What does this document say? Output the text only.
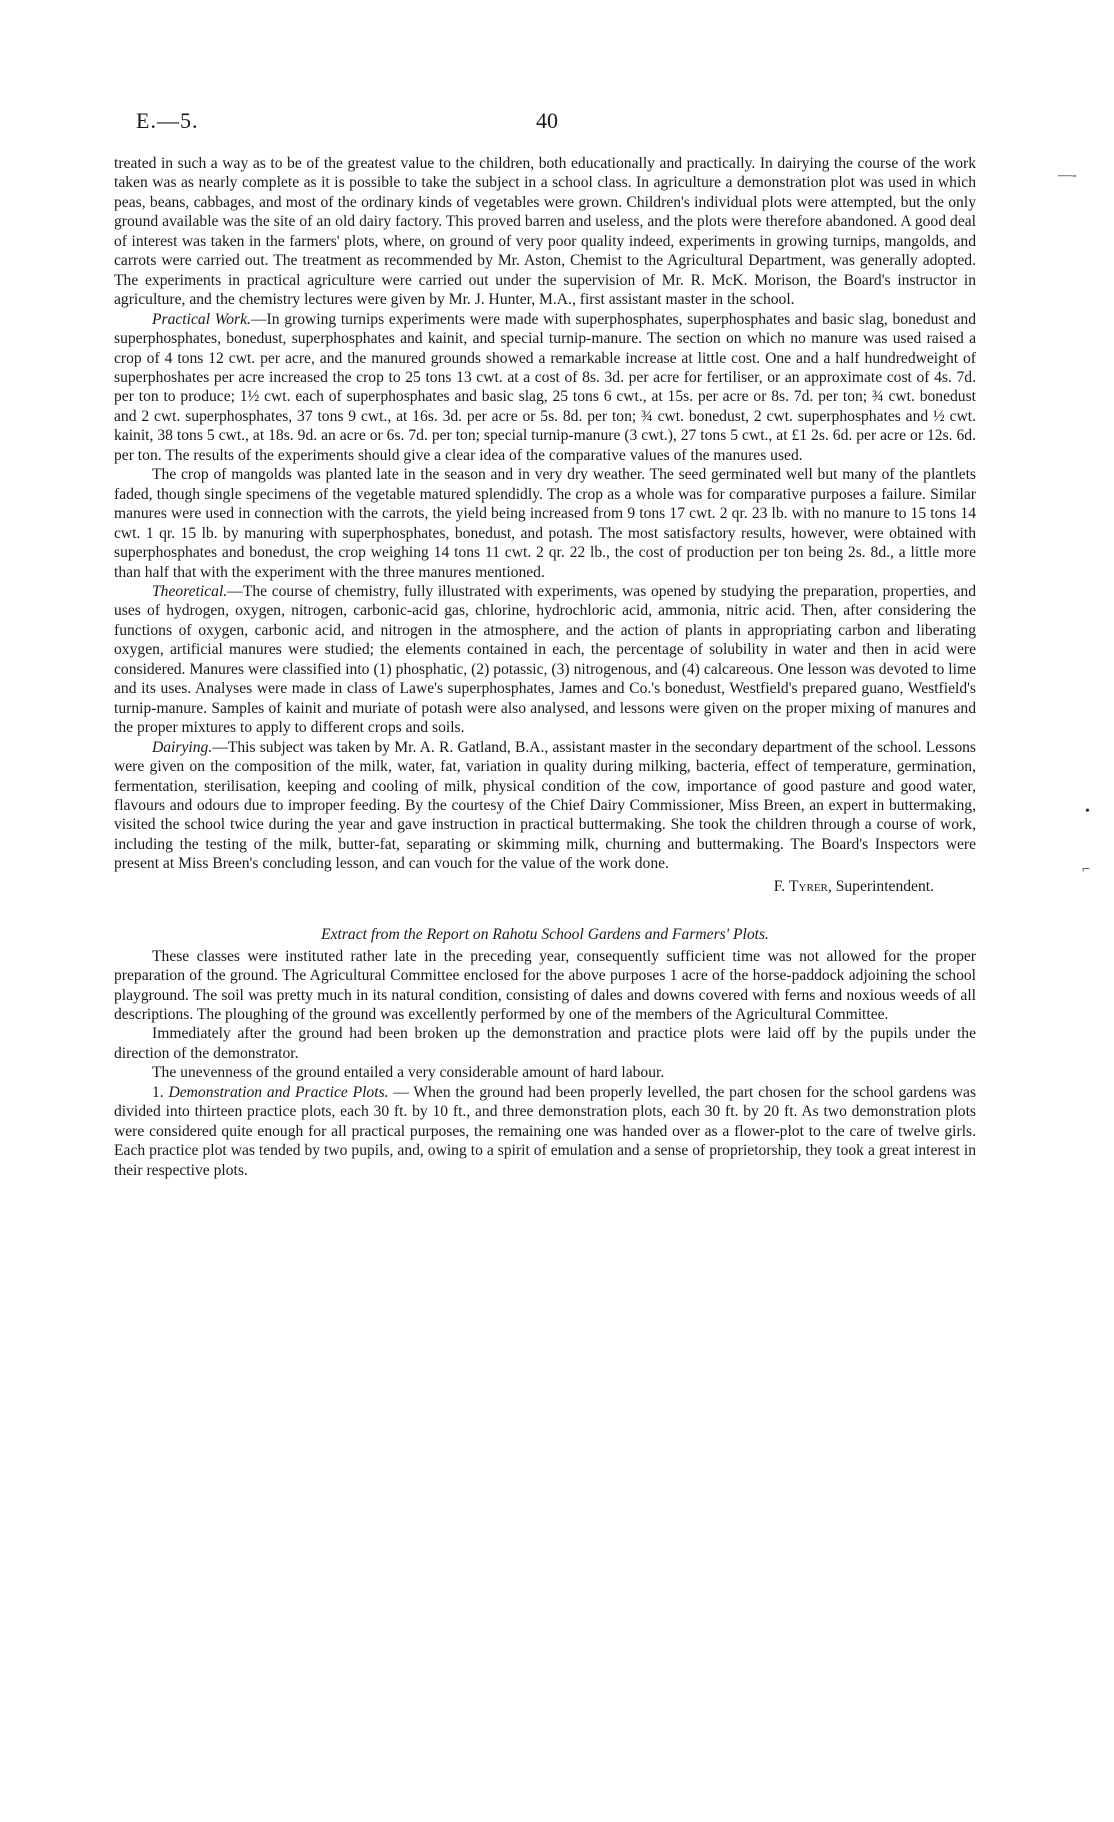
E.—5.	40
—‐
•
⌐

treated in such a way as to be of the greatest value to the children, both educationally and practically. In dairying the course of the work taken was as nearly complete as it is possible to take the subject in a school class. In agriculture a demonstration plot was used in which peas, beans, cabbages, and most of the ordinary kinds of vegetables were grown. Children's individual plots were attempted, but the only ground available was the site of an old dairy factory. This proved barren and useless, and the plots were therefore abandoned. A good deal of interest was taken in the farmers' plots, where, on ground of very poor quality indeed, experiments in growing turnips, mangolds, and carrots were carried out. The treatment as recommended by Mr. Aston, Chemist to the Agricultural Department, was generally adopted. The experiments in practical agriculture were carried out under the supervision of Mr. R. McK. Morison, the Board's instructor in agriculture, and the chemistry lectures were given by Mr. J. Hunter, M.A., first assistant master in the school.

Practical Work.—In growing turnips experiments were made with superphosphates, superphosphates and basic slag, bonedust and superphosphates, bonedust, superphosphates and kainit, and special turnip-manure. The section on which no manure was used raised a crop of 4 tons 12 cwt. per acre, and the manured grounds showed a remarkable increase at little cost. One and a half hundredweight of superphoshates per acre increased the crop to 25 tons 13 cwt. at a cost of 8s. 3d. per acre for fertiliser, or an approximate cost of 4s. 7d. per ton to produce; 1½ cwt. each of superphosphates and basic slag, 25 tons 6 cwt., at 15s. per acre or 8s. 7d. per ton; ¾ cwt. bonedust and 2 cwt. superphosphates, 37 tons 9 cwt., at 16s. 3d. per acre or 5s. 8d. per ton; ¾ cwt. bonedust, 2 cwt. superphosphates and ½ cwt. kainit, 38 tons 5 cwt., at 18s. 9d. an acre or 6s. 7d. per ton; special turnip-manure (3 cwt.), 27 tons 5 cwt., at £1 2s. 6d. per acre or 12s. 6d. per ton. The results of the experiments should give a clear idea of the comparative values of the manures used.

The crop of mangolds was planted late in the season and in very dry weather. The seed germinated well but many of the plantlets faded, though single specimens of the vegetable matured splendidly. The crop as a whole was for comparative purposes a failure. Similar manures were used in connection with the carrots, the yield being increased from 9 tons 17 cwt. 2 qr. 23 lb. with no manure to 15 tons 14 cwt. 1 qr. 15 lb. by manuring with superphosphates, bonedust, and potash. The most satisfactory results, however, were obtained with superphosphates and bonedust, the crop weighing 14 tons 11 cwt. 2 qr. 22 lb., the cost of production per ton being 2s. 8d., a little more than half that with the experiment with the three manures mentioned.

Theoretical.—The course of chemistry, fully illustrated with experiments, was opened by studying the preparation, properties, and uses of hydrogen, oxygen, nitrogen, carbonic-acid gas, chlorine, hydrochloric acid, ammonia, nitric acid. Then, after considering the functions of oxygen, carbonic acid, and nitrogen in the atmosphere, and the action of plants in appropriating carbon and liberating oxygen, artificial manures were studied; the elements contained in each, the percentage of solubility in water and then in acid were considered. Manures were classified into (1) phosphatic, (2) potassic, (3) nitrogenous, and (4) calcareous. One lesson was devoted to lime and its uses. Analyses were made in class of Lawe's superphosphates, James and Co.'s bonedust, Westfield's prepared guano, Westfield's turnip-manure. Samples of kainit and muriate of potash were also analysed, and lessons were given on the proper mixing of manures and the proper mixtures to apply to different crops and soils.

Dairying.—This subject was taken by Mr. A. R. Gatland, B.A., assistant master in the secondary department of the school. Lessons were given on the composition of the milk, water, fat, variation in quality during milking, bacteria, effect of temperature, germination, fermentation, sterilisation, keeping and cooling of milk, physical condition of the cow, importance of good pasture and good water, flavours and odours due to improper feeding. By the courtesy of the Chief Dairy Commissioner, Miss Breen, an expert in buttermaking, visited the school twice during the year and gave instruction in practical buttermaking. She took the children through a course of work, including the testing of the milk, butter-fat, separating or skimming milk, churning and buttermaking. The Board's Inspectors were present at Miss Breen's concluding lesson, and can vouch for the value of the work done.

F. Tyrer, Superintendent.
Extract from the Report on Rahotu School Gardens and Farmers' Plots.

These classes were instituted rather late in the preceding year, consequently sufficient time was not allowed for the proper preparation of the ground. The Agricultural Committee enclosed for the above purposes 1 acre of the horse-paddock adjoining the school playground. The soil was pretty much in its natural condition, consisting of dales and downs covered with ferns and noxious weeds of all descriptions. The ploughing of the ground was excellently performed by one of the members of the Agricultural Committee.

Immediately after the ground had been broken up the demonstration and practice plots were laid off by the pupils under the direction of the demonstrator.

The unevenness of the ground entailed a very considerable amount of hard labour.

1. Demonstration and Practice Plots. — When the ground had been properly levelled, the part chosen for the school gardens was divided into thirteen practice plots, each 30 ft. by 10 ft., and three demonstration plots, each 30 ft. by 20 ft. As two demonstration plots were considered quite enough for all practical purposes, the remaining one was handed over as a flower-plot to the care of twelve girls. Each practice plot was tended by two pupils, and, owing to a spirit of emulation and a sense of proprietorship, they took a great interest in their respective plots.
